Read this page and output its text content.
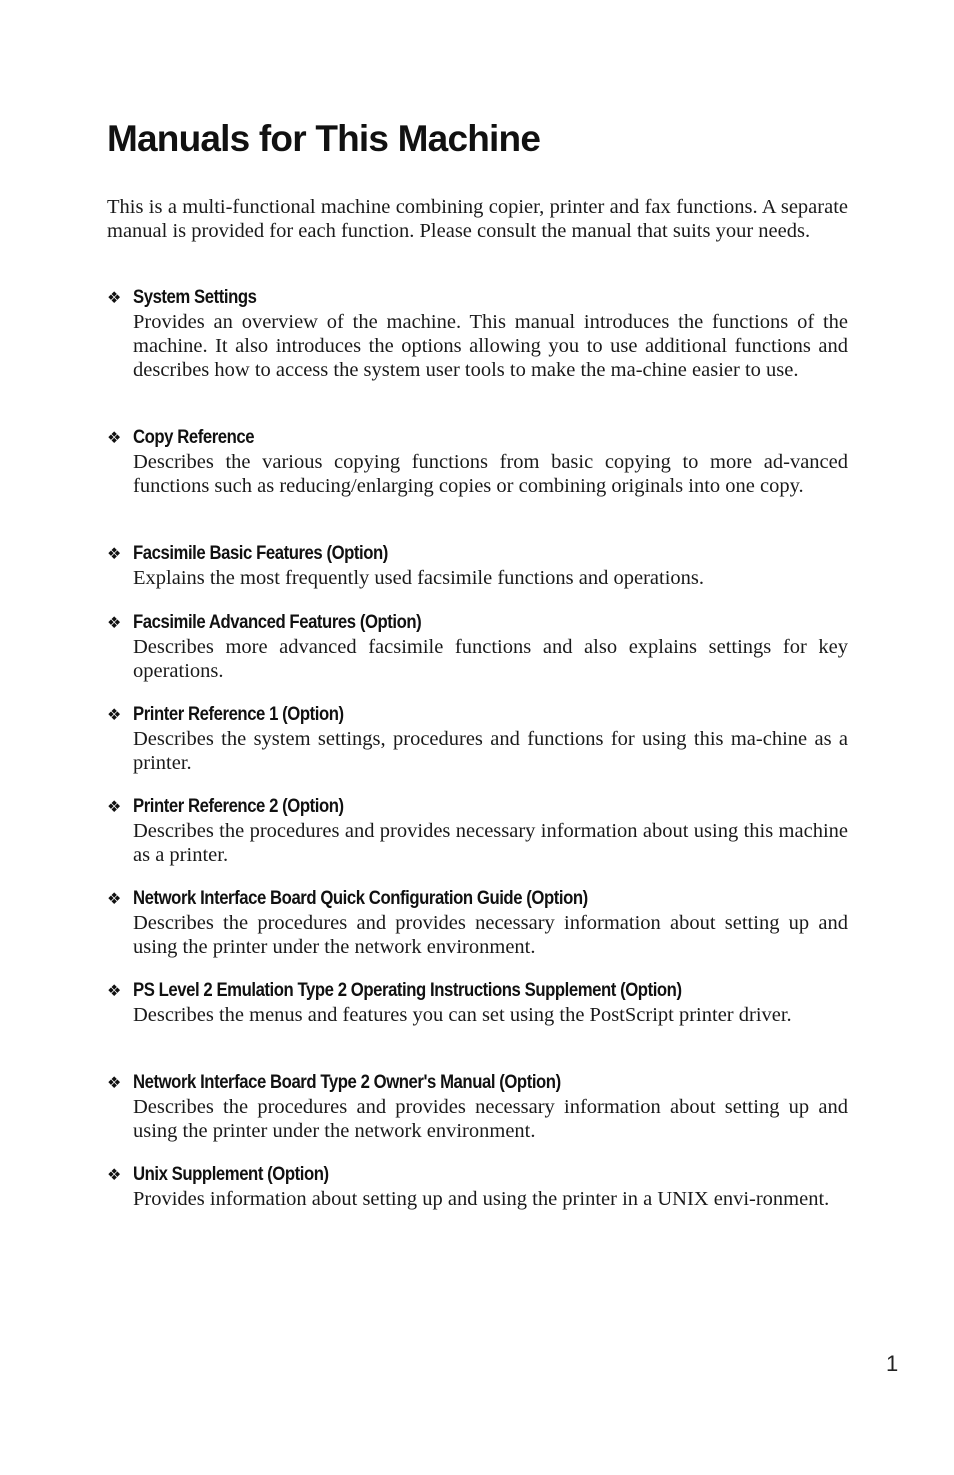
Manuals for This Machine

This is a multi-functional machine combining copier, printer and fax functions. A separate manual is provided for each function. Please consult the manual that suits your needs.

❖ System Settings

Provides an overview of the machine. This manual introduces the functions of the machine. It also introduces the options allowing you to use additional functions and describes how to access the system user tools to make the ma-chine easier to use.

❖ Copy Reference

Describes the various copying functions from basic copying to more ad-vanced functions such as reducing/enlarging copies or combining originals into one copy.

❖ Facsimile Basic Features (Option)

Explains the most frequently used facsimile functions and operations.

❖ Facsimile Advanced Features (Option)

Describes more advanced facsimile functions and also explains settings for key operations.

❖ Printer Reference 1 (Option)

Describes the system settings, procedures and functions for using this ma-chine as a printer.

❖ Printer Reference 2 (Option)

Describes the procedures and provides necessary information about using this machine as a printer.

❖ Network Interface Board Quick Configuration Guide (Option)

Describes the procedures and provides necessary information about setting up and using the printer under the network environment.

❖ PS Level 2 Emulation Type 2 Operating Instructions Supplement (Option)

Describes the menus and features you can set using the PostScript printer driver.

❖ Network Interface Board Type 2 Owner's Manual (Option)

Describes the procedures and provides necessary information about setting up and using the printer under the network environment.

❖ Unix Supplement (Option)

Provides information about setting up and using the printer in a UNIX envi-ronment.

1
